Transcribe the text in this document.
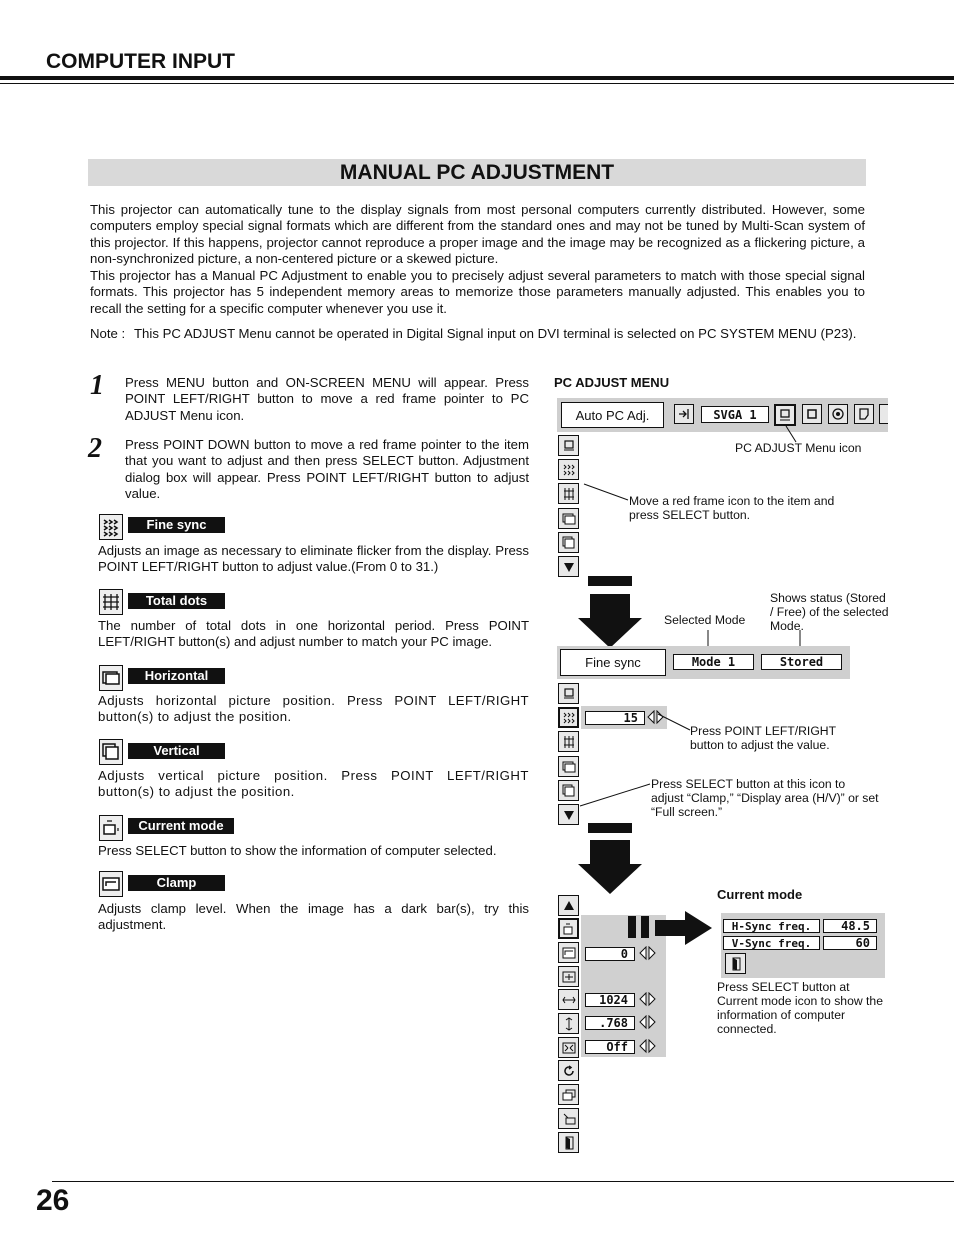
COMPUTER INPUT
MANUAL PC ADJUSTMENT
This projector can automatically tune to the display signals from most personal computers currently distributed. However, some computers employ special signal formats which are different from the standard ones and may not be tuned by Multi-Scan system of this projector. If this happens, projector cannot reproduce a proper image and the image may be recognized as a flickering picture, a non-synchronized picture, a non-centered picture or a skewed picture.
This projector has a Manual PC Adjustment to enable you to precisely adjust several parameters to match with those special signal formats. This projector has 5 independent memory areas to memorize those parameters manually adjusted. This enables you to recall the setting for a specific computer whenever you use it.
Note : This PC ADJUST Menu cannot be operated in Digital Signal input on DVI terminal is selected on PC SYSTEM MENU (P23).
1 Press MENU button and ON-SCREEN MENU will appear. Press POINT LEFT/RIGHT button to move a red frame pointer to PC ADJUST Menu icon.
2 Press POINT DOWN button to move a red frame pointer to the item that you want to adjust and then press SELECT button. Adjustment dialog box will appear. Press POINT LEFT/RIGHT button to adjust value.
Fine sync
Adjusts an image as necessary to eliminate flicker from the display. Press POINT LEFT/RIGHT button to adjust value.(From 0 to 31.)
Total dots
The number of total dots in one horizontal period. Press POINT LEFT/RIGHT button(s) and adjust number to match your PC image.
Horizontal
Adjusts horizontal picture position. Press POINT LEFT/RIGHT button(s) to adjust the position.
Vertical
Adjusts vertical picture position. Press POINT LEFT/RIGHT button(s) to adjust the position.
Current mode
Press SELECT button to show the information of computer selected.
Clamp
Adjusts clamp level. When the image has a dark bar(s), try this adjustment.
PC ADJUST MENU
Auto PC Adj.	SVGA 1
PC ADJUST Menu icon
Move a red frame icon to the item and press SELECT button.
Selected Mode
Shows status (Stored / Free) of the selected Mode.
Fine sync	Mode 1	Stored
15
Press POINT LEFT/RIGHT button to adjust the value.
Press SELECT button at this icon to adjust “Clamp,” “Display area (H/V)” or set “Full screen.”
Current mode
0
1024
.768
Off
H-Sync freq.	48.5
V-Sync freq.	60
Press SELECT button at Current mode icon to show the information of computer connected.
26
